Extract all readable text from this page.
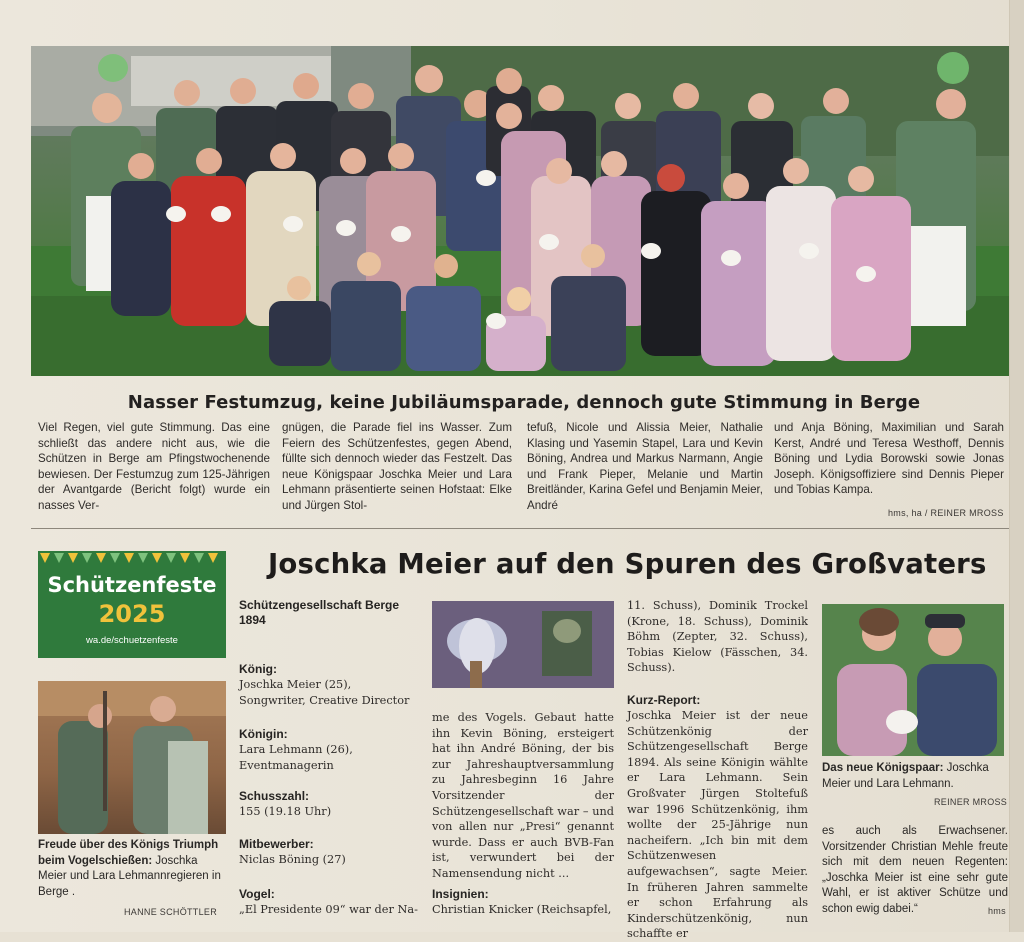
Nasser Festumzug, keine Jubiläumsparade, dennoch gute Stimmung in Berge
Viel Regen, viel gute Stimmung. Das eine schließt das andere nicht aus, wie die Schützen in Berge am Pfingstwochenende bewiesen. Der Festumzug zum 125-Jährigen der Avantgarde (Bericht folgt) wurde ein nasses Ver-
gnügen, die Parade fiel ins Wasser. Zum Feiern des Schützenfestes, gegen Abend, füllte sich dennoch wieder das Festzelt. Das neue Königspaar Joschka Meier und Lara Lehmann präsentierte seinen Hofstaat: Elke und Jürgen Stol-
tefuß, Nicole und Alissia Meier, Nathalie Klasing und Yasemin Stapel, Lara und Kevin Böning, Andrea und Markus Narmann, Angie und Frank Pieper, Melanie und Martin Breitländer, Karina Gefel und Benjamin Meier, André
und Anja Böning, Maximilian und Sarah Kerst, André und Teresa Westhoff, Dennis Böning und Lydia Borowski sowie Jonas Joseph. Königsoffiziere sind Dennis Pieper und Tobias Kampa.
hms, ha / REINER MROSS
Schützenfeste
2025
wa.de/schuetzenfeste
Joschka Meier auf den Spuren des Großvaters
Freude über des Königs Triumph beim Vogelschießen: Joschka Meier und Lara Lehmannregieren in Berge .
HANNE SCHÖTTLER
Schützengesellschaft Berge 1894
König:
Joschka Meier (25), Songwriter, Creative Director
Königin:
Lara Lehmann (26), Eventmanagerin
Schusszahl:
155 (19.18 Uhr)
Mitbewerber:
Niclas Böning (27)
Vogel:
„El Presidente 09“ war der Na-
me des Vogels. Gebaut hatte ihn Kevin Böning, ersteigert hat ihn André Böning, der bis zur Jahreshauptversammlung zu Jahresbeginn 16 Jahre Vorsitzender der Schützengesellschaft war – und von allen nur „Presi“ genannt wurde. Dass er auch BVB-Fan ist, verwundert bei der Namensendung nicht ...
Insignien:
Christian Knicker (Reichsapfel,
11. Schuss), Dominik Trockel (Krone, 18. Schuss), Dominik Böhm (Zepter, 32. Schuss), Tobias Kielow (Fässchen, 34. Schuss).
Kurz-Report:
Joschka Meier ist der neue Schützenkönig der Schützengesellschaft Berge 1894. Als seine Königin wählte er Lara Lehmann. Sein Großvater Jürgen Stoltefuß war 1996 Schützenkönig, ihm wollte der 25-Jährige nun nacheifern. „Ich bin mit dem Schützenwesen aufgewachsen“, sagte Meier. In früheren Jahren sammelte er schon Erfahrung als Kinderschützenkönig, nun schaffte er
Das neue Königspaar: Joschka Meier und Lara Lehmann.
REINER MROSS
es auch als Erwachsener. Vorsitzender Christian Mehle freute sich mit dem neuen Regenten: „Joschka Meier ist eine sehr gute Wahl, er ist aktiver Schütze und schon ewig dabei.“	hms
